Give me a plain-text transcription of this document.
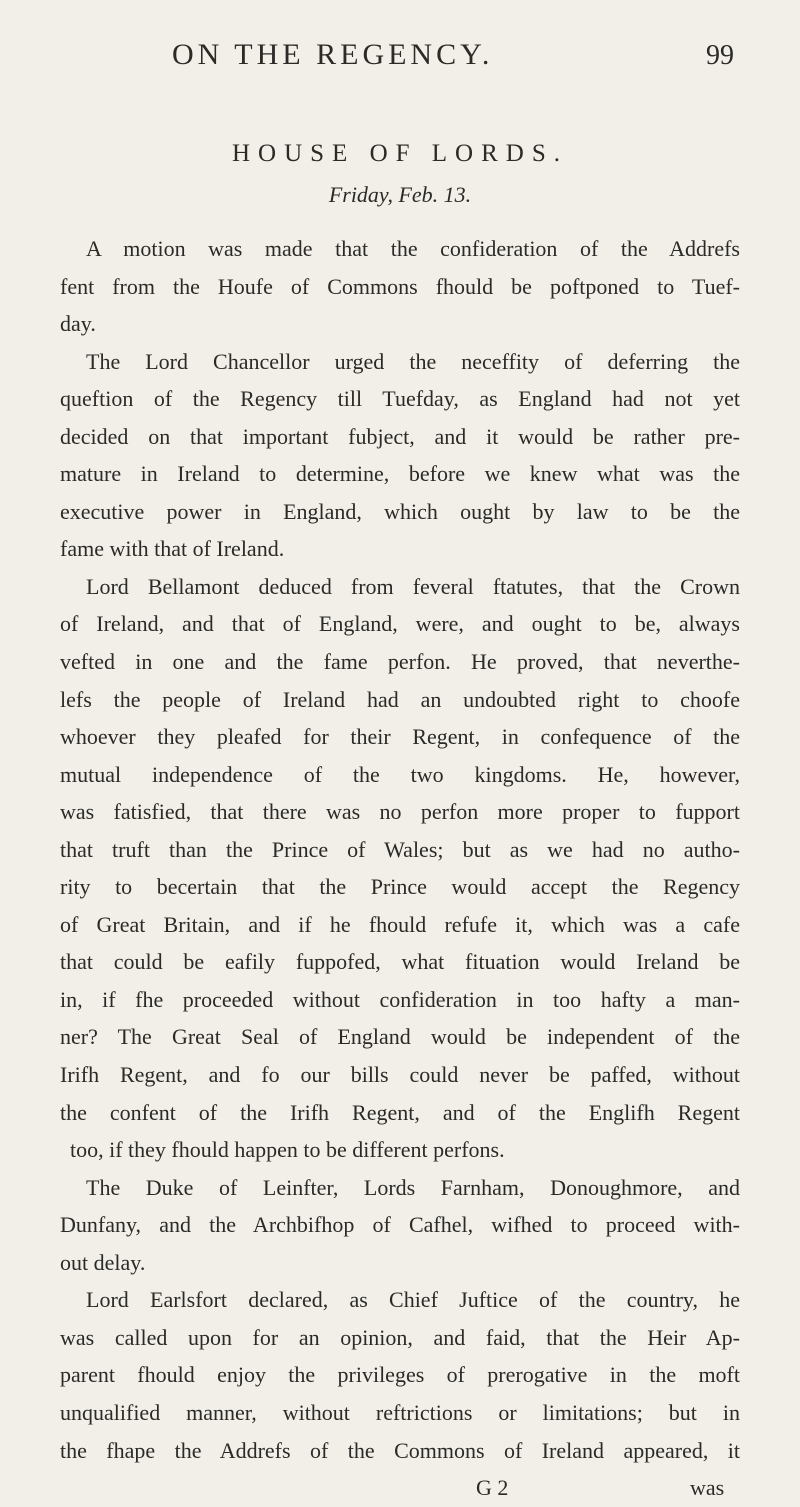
ON THE REGENCY.	99
HOUSE OF LORDS.
Friday, Feb. 13.
A motion was made that the confideration of the Addrefs
fent from the Houfe of Commons fhould be poftponed to Tuef-
day.
The Lord Chancellor urged the neceffity of deferring the
queftion of the Regency till Tuefday, as England had not yet
decided on that important fubject, and it would be rather pre-
mature in Ireland to determine, before we knew what was the
executive power in England, which ought by law to be the
fame with that of Ireland.
Lord Bellamont deduced from feveral ftatutes, that the Crown
of Ireland, and that of England, were, and ought to be, always
vefted in one and the fame perfon. He proved, that neverthe-
lefs the people of Ireland had an undoubted right to choofe
whoever they pleafed for their Regent, in confequence of the
mutual independence of the two kingdoms. He, however,
was fatisfied, that there was no perfon more proper to fupport
that truft than the Prince of Wales; but as we had no autho-
rity to becertain that the Prince would accept the Regency
of Great Britain, and if he fhould refufe it, which was a cafe
that could be eafily fuppofed, what fituation would Ireland be
in, if fhe proceeded without confideration in too hafty a man-
ner? The Great Seal of England would be independent of the
Irifh Regent, and fo our bills could never be paffed, without
the confent of the Irifh Regent, and of the Englifh Regent
too, if they fhould happen to be different perfons.
The Duke of Leinfter, Lords Farnham, Donoughmore, and
Dunfany, and the Archbifhop of Cafhel, wifhed to proceed with-
out delay.
Lord Earlsfort declared, as Chief Juftice of the country, he
was called upon for an opinion, and faid, that the Heir Ap-
parent fhould enjoy the privileges of prerogative in the moft
unqualified manner, without reftrictions or limitations; but in
the fhape the Addrefs of the Commons of Ireland appeared, it
G 2	was
